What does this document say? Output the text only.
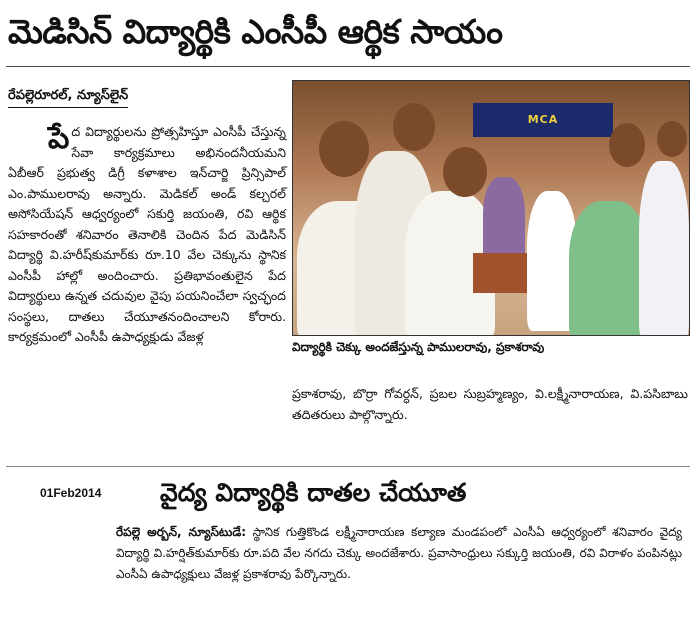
మెడిసిన్ విద్యార్థికి ఎంసీపీ ఆర్థిక సాయం
రేపల్లెరూరల్, న్యూస్‌లైన్
పేద విద్యార్థులను ప్రోత్సహిస్తూ ఎంసీపీ చేస్తున్న సేవా కార్యక్రమాలు అభినందనీయమని ఏబీఆర్ ప్రభుత్వ డిగ్రీ కళాశాల ఇన్‌చార్జి ప్రిన్సిపాల్ ఎం.పాములరావు అన్నారు. మెడికల్ అండ్ కల్చరల్ అసోసియేషన్ ఆధ్వర్యంలో సకుర్తి జయంతి, రవి ఆర్థిక సహకారంతో శనివారం తెనాలికి చెందిన పేద మెడిసిన్ విద్యార్థి వి.హరీష్‌కుమార్‌కు రూ.10 వేల చెక్కును స్థానిక ఎంసీపీ హాల్లో అందించారు. ప్రతిభావంతులైన పేద విద్యార్థులు ఉన్నత చదువుల వైపు పయనించేలా స్వచ్ఛంద సంస్థలు, దాతలు చేయూతనందించాలని కోరారు. కార్యక్రమంలో ఎంసీపీ ఉపాధ్యక్షుడు వేజళ్ల
MCA
విద్యార్థికి చెక్కు అందజేస్తున్న పాములరావు, ప్రకాశరావు
ప్రకాశరావు, బొర్రా గోవర్ధన్, ప్రబల సుబ్రహ్మణ్యం, వి.లక్ష్మీనారాయణ, వి.పసిబాబు తదితరులు పాల్గొన్నారు.
01Feb2014 వైద్య విద్యార్థికి దాతల చేయూత
రేపల్లె అర్బన్, న్యూస్‌టుడే: స్థానిక గుత్తికొండ లక్ష్మీనారాయణ కల్యాణ మండపంలో ఎంసీఏ ఆధ్వర్యంలో శనివారం వైద్య విద్యార్థి వి.హర్షిత్‌కుమార్‌కు రూ.పది వేల నగదు చెక్కు అందజేశారు. ప్రవాసాంధ్రులు సక్కుర్తి జయంతి, రవి విరాళం పంపినట్లు ఎంసీఏ ఉపాధ్యక్షులు వేజళ్ల ప్రకాశరావు పేర్కొన్నారు.
